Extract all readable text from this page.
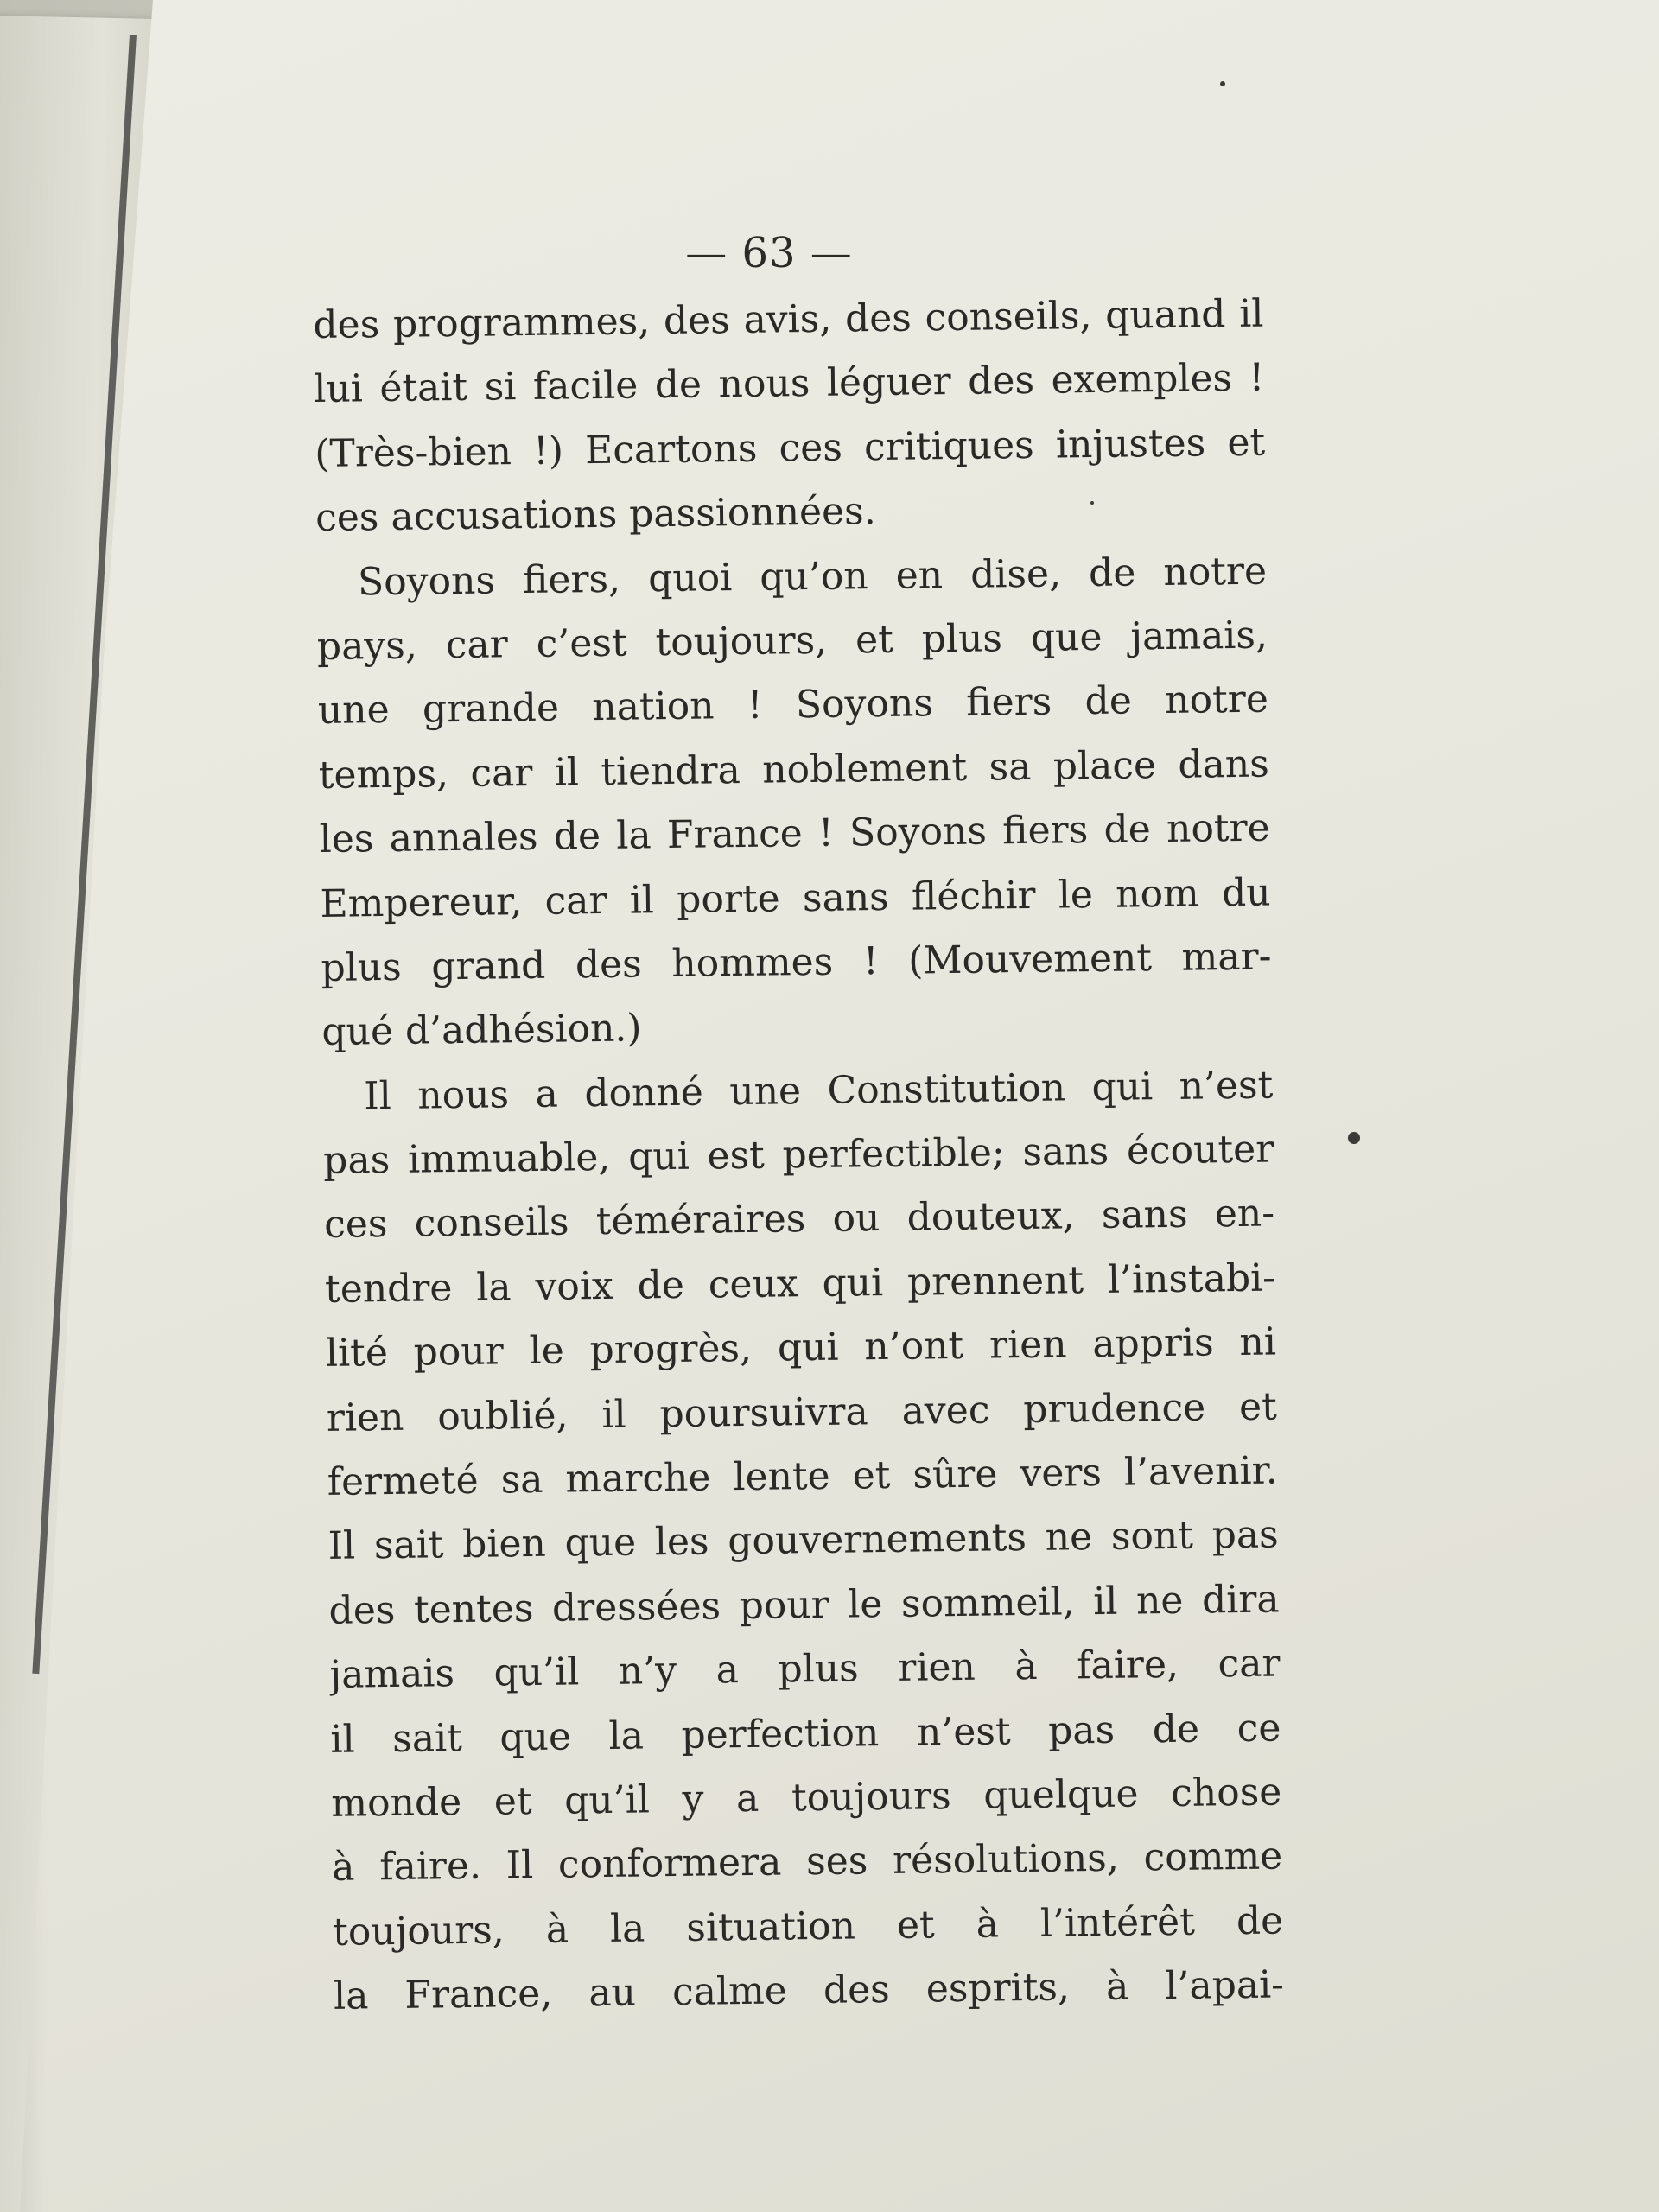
— 63 —
des programmes, des avis, des conseils, quand il
lui était si facile de nous léguer des exemples !
(Très-bien !) Ecartons ces critiques injustes et
ces accusations passionnées.
Soyons fiers, quoi qu’on en dise, de notre
pays, car c’est toujours, et plus que jamais,
une grande nation ! Soyons fiers de notre
temps, car il tiendra noblement sa place dans
les annales de la France ! Soyons fiers de notre
Empereur, car il porte sans fléchir le nom du
plus grand des hommes ! (Mouvement mar-
qué d’adhésion.)
Il nous a donné une Constitution qui n’est
pas immuable, qui est perfectible; sans écouter
ces conseils téméraires ou douteux, sans en-
tendre la voix de ceux qui prennent l’instabi-
lité pour le progrès, qui n’ont rien appris ni
rien oublié, il poursuivra avec prudence et
fermeté sa marche lente et sûre vers l’avenir.
Il sait bien que les gouvernements ne sont pas
des tentes dressées pour le sommeil, il ne dira
jamais qu’il n’y a plus rien à faire, car
il sait que la perfection n’est pas de ce
monde et qu’il y a toujours quelque chose
à faire. Il conformera ses résolutions, comme
toujours, à la situation et à l’intérêt de
la France, au calme des esprits, à l’apai-
